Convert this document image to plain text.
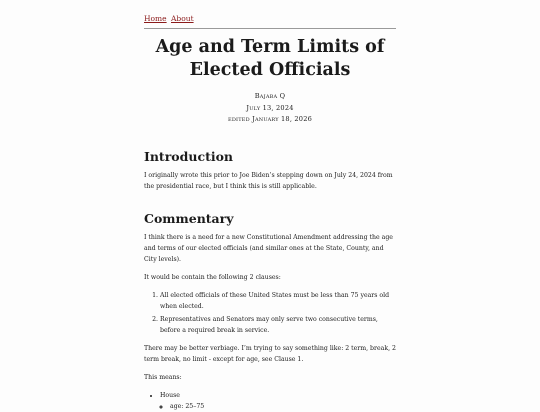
Home About
Age and Term Limits of Elected Officials
Bajaba Q
July 13, 2024
edited January 18, 2026
Introduction

I originally wrote this prior to Joe Biden’s stepping down on July 24, 2024 from the presidential race, but I think this is still applicable.

Commentary

I think there is a need for a new Constitutional Amendment addressing the age and terms of our elected officials (and similar ones at the State, County, and City levels).

It would be contain the following 2 clauses:

1. All elected officials of these United States must be less than 75 years old when elected.
2. Representatives and Senators may only serve two consecutive terms, before a required break in service.

There may be better verbiage. I’m trying to say something like: 2 term, break, 2 term break, no limit - except for age, see Clause 1.

This means:

• House
◦ age: 25–75
